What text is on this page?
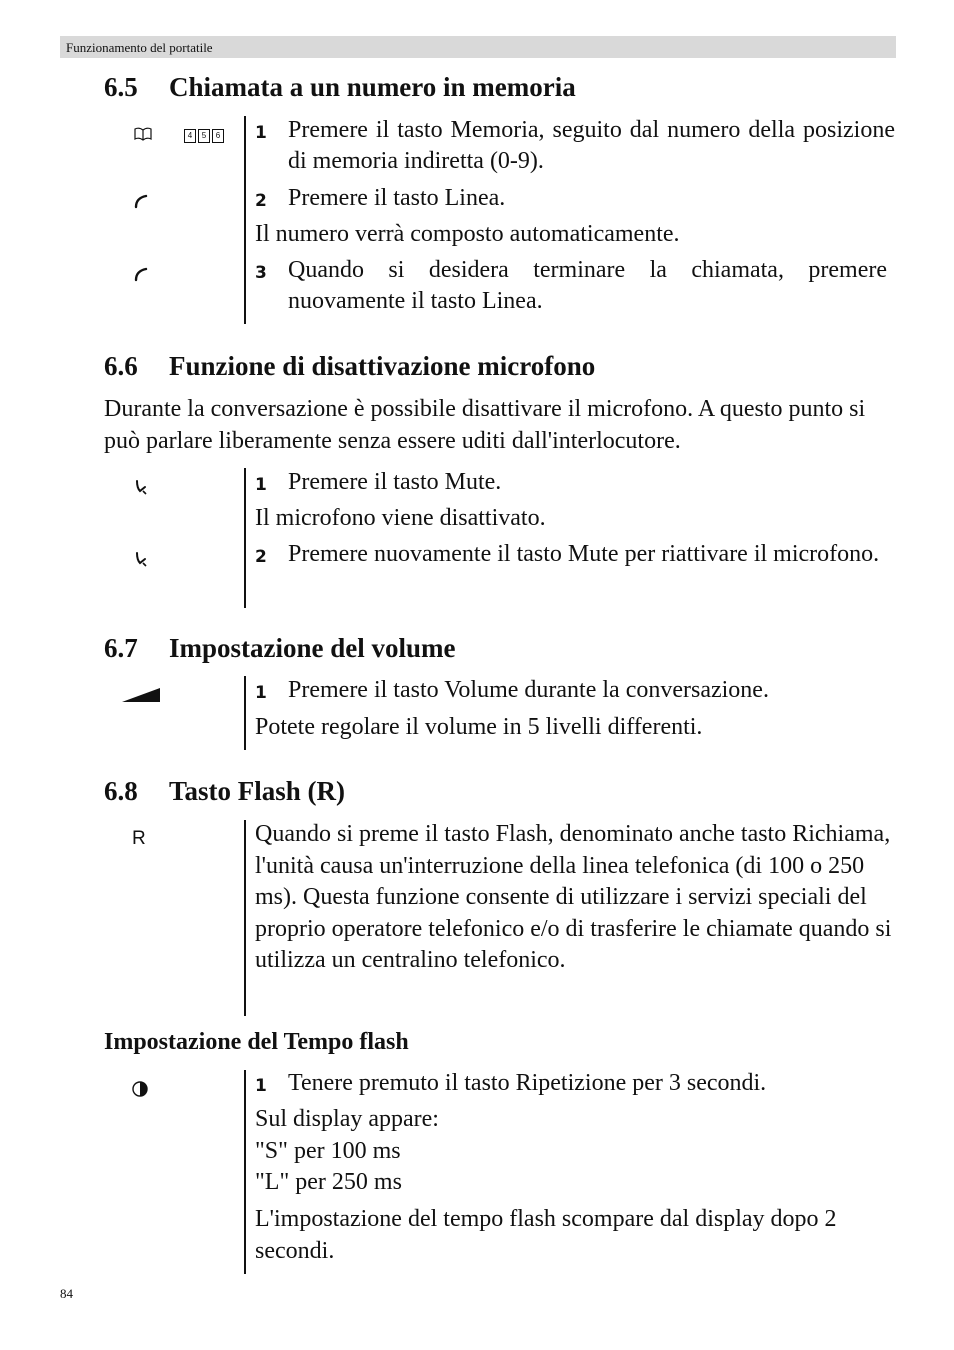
Funzionamento del portatile
6.5 Chiamata a un numero in memoria
4	5	6 1 Premere il tasto Memoria, seguito dal numero della posizione di memoria indiretta (0-9).
2 Premere il tasto Linea.
Il numero verrà composto automaticamente.
3 Quando si desidera terminare la chiamata, premere nuovamente il tasto Linea.
6.6 Funzione di disattivazione microfono
Durante la conversazione è possibile disattivare il microfono. A questo punto si può parlare liberamente senza essere uditi dall'interlocutore.
1 Premere il tasto Mute.
Il microfono viene disattivato.
2 Premere nuovamente il tasto Mute per riattivare il microfono.
6.7 Impostazione del volume
1 Premere il tasto Volume durante la conversazione.
Potete regolare il volume in 5 livelli differenti.
6.8 Tasto Flash (R)
R	Quando si preme il tasto Flash, denominato anche tasto Richiama, l'unità causa un'interruzione della linea telefonica (di 100 o 250 ms). Questa funzione consente di utilizzare i servizi speciali del proprio operatore telefonico e/o di trasferire le chiamate quando si utilizza un centralino telefonico.
Impostazione del Tempo flash
1 Tenere premuto il tasto Ripetizione per 3 secondi.
Sul display appare:
"S" per 100 ms
"L" per 250 ms
L'impostazione del tempo flash scompare dal display dopo 2 secondi.
84
